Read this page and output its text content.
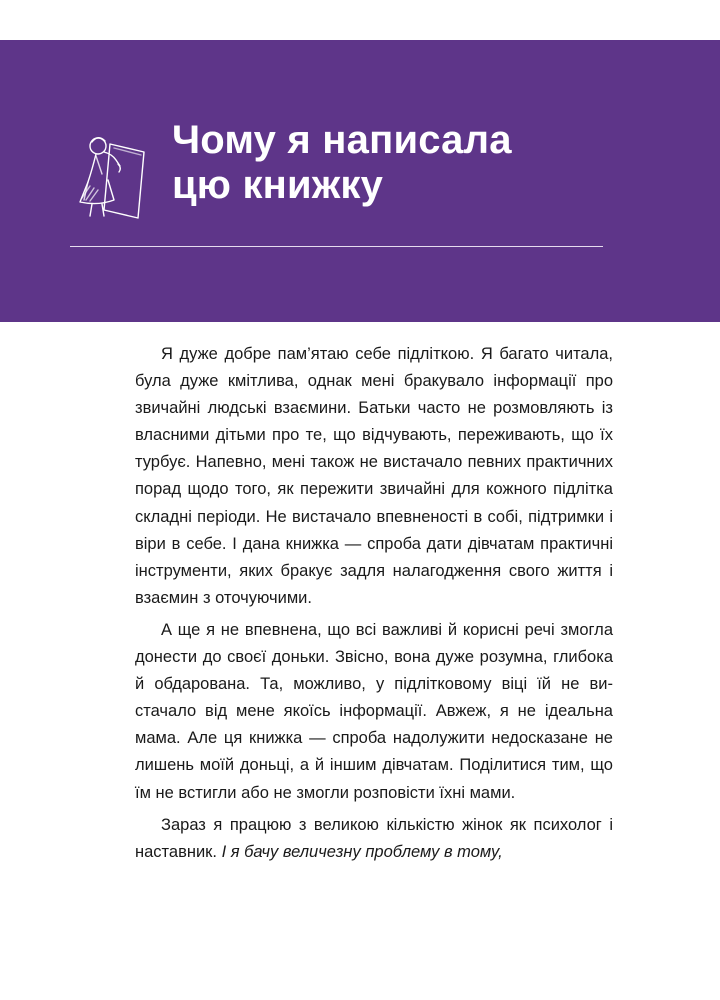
Чому я написала
цю книжку

Я дуже добре пам’ятаю себе підліткою. Я багато читала, була дуже кмітлива, однак мені бракувало інформації про звичайні людські взаємини. Батьки часто не розмовляють із власними дітьми про те, що відчувають, переживають, що їх турбує. Напевно, мені також не вистачало певних практичних порад щодо того, як пережити звичайні для кожного підлітка складні періоди. Не вистачало впевненості в собі, підтримки і віри в себе. І дана книжка — спроба дати дівчатам практичні інструменти, яких бракує задля налагодження свого життя і взаємин з оточуючими.

А ще я не впевнена, що всі важливі й корисні речі змогла донести до своєї доньки. Звісно, вона дуже розумна, глибока й обдарована. Та, можливо, у підлітковому віці їй не вистачало від мене якоїсь інформації. Авжеж, я не ідеальна мама. Але ця книжка — спроба надолужити недосказане не лишень моїй доньці, а й іншим дівчатам. Поділитися тим, що їм не встигли або не змогли розповісти їхні мами.

Зараз я працюю з великою кількістю жінок як психолог і наставник. І я бачу величезну проблему в тому,
